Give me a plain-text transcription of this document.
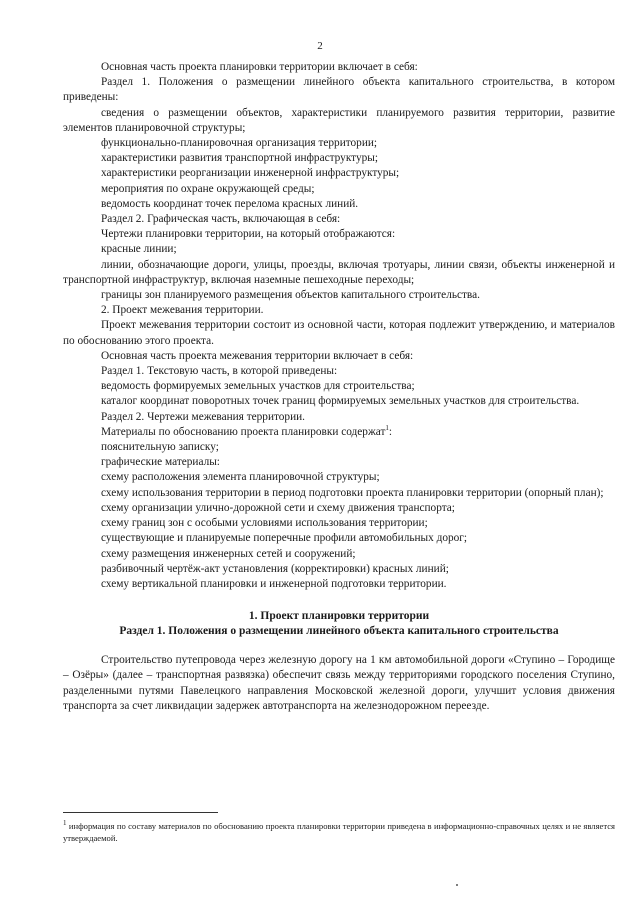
2

Основная часть проекта планировки территории включает в себя:

Раздел 1. Положения о размещении линейного объекта капитального строительства, в котором приведены:

сведения о размещении объектов, характеристики планируемого развития территории, развитие элементов планировочной структуры;

функционально-планировочная организация территории;

характеристики развития транспортной инфраструктуры;

характеристики реорганизации инженерной инфраструктуры;

мероприятия по охране окружающей среды;

ведомость координат точек перелома красных линий.

Раздел 2. Графическая часть, включающая в себя:

Чертежи планировки территории, на который отображаются:

красные линии;

линии, обозначающие дороги, улицы, проезды, включая тротуары, линии связи, объекты инженерной и транспортной инфраструктур, включая наземные пешеходные переходы;

границы зон планируемого размещения объектов капитального строительства.

2. Проект межевания территории.

Проект межевания территории состоит из основной части, которая подлежит утверждению, и материалов по обоснованию этого проекта.

Основная часть проекта межевания территории включает в себя:

Раздел 1. Текстовую часть, в которой приведены:

ведомость формируемых земельных участков для строительства;

каталог координат поворотных точек границ формируемых земельных участков для строительства.

Раздел 2. Чертежи межевания территории.

Материалы по обоснованию проекта планировки содержат$^1$:

пояснительную записку;

графические материалы:

схему расположения элемента планировочной структуры;

схему использования территории в период подготовки проекта планировки территории (опорный план);

схему организации улично-дорожной сети и схему движения транспорта;

схему границ зон с особыми условиями использования территории;

существующие и планируемые поперечные профили автомобильных дорог;

схему размещения инженерных сетей и сооружений;

разбивочный чертёж-акт установления (корректировки) красных линий;

схему вертикальной планировки и инженерной подготовки территории.

1. Проект планировки территории

Раздел 1. Положения о размещении линейного объекта капитального строительства

Строительство путепровода через железную дорогу на 1 км автомобильной дороги «Ступино – Городище – Озёры» (далее – транспортная развязка) обеспечит связь между территориями городского поселения Ступино, разделенными путями Павелецкого направления Московской железной дороги, улучшит условия движения транспорта за счет ликвидации задержек автотранспорта на железнодорожном переезде.

$^1$ информация по составу материалов по обоснованию проекта планировки территории приведена в информационно-справочных целях и не является утверждаемой.
